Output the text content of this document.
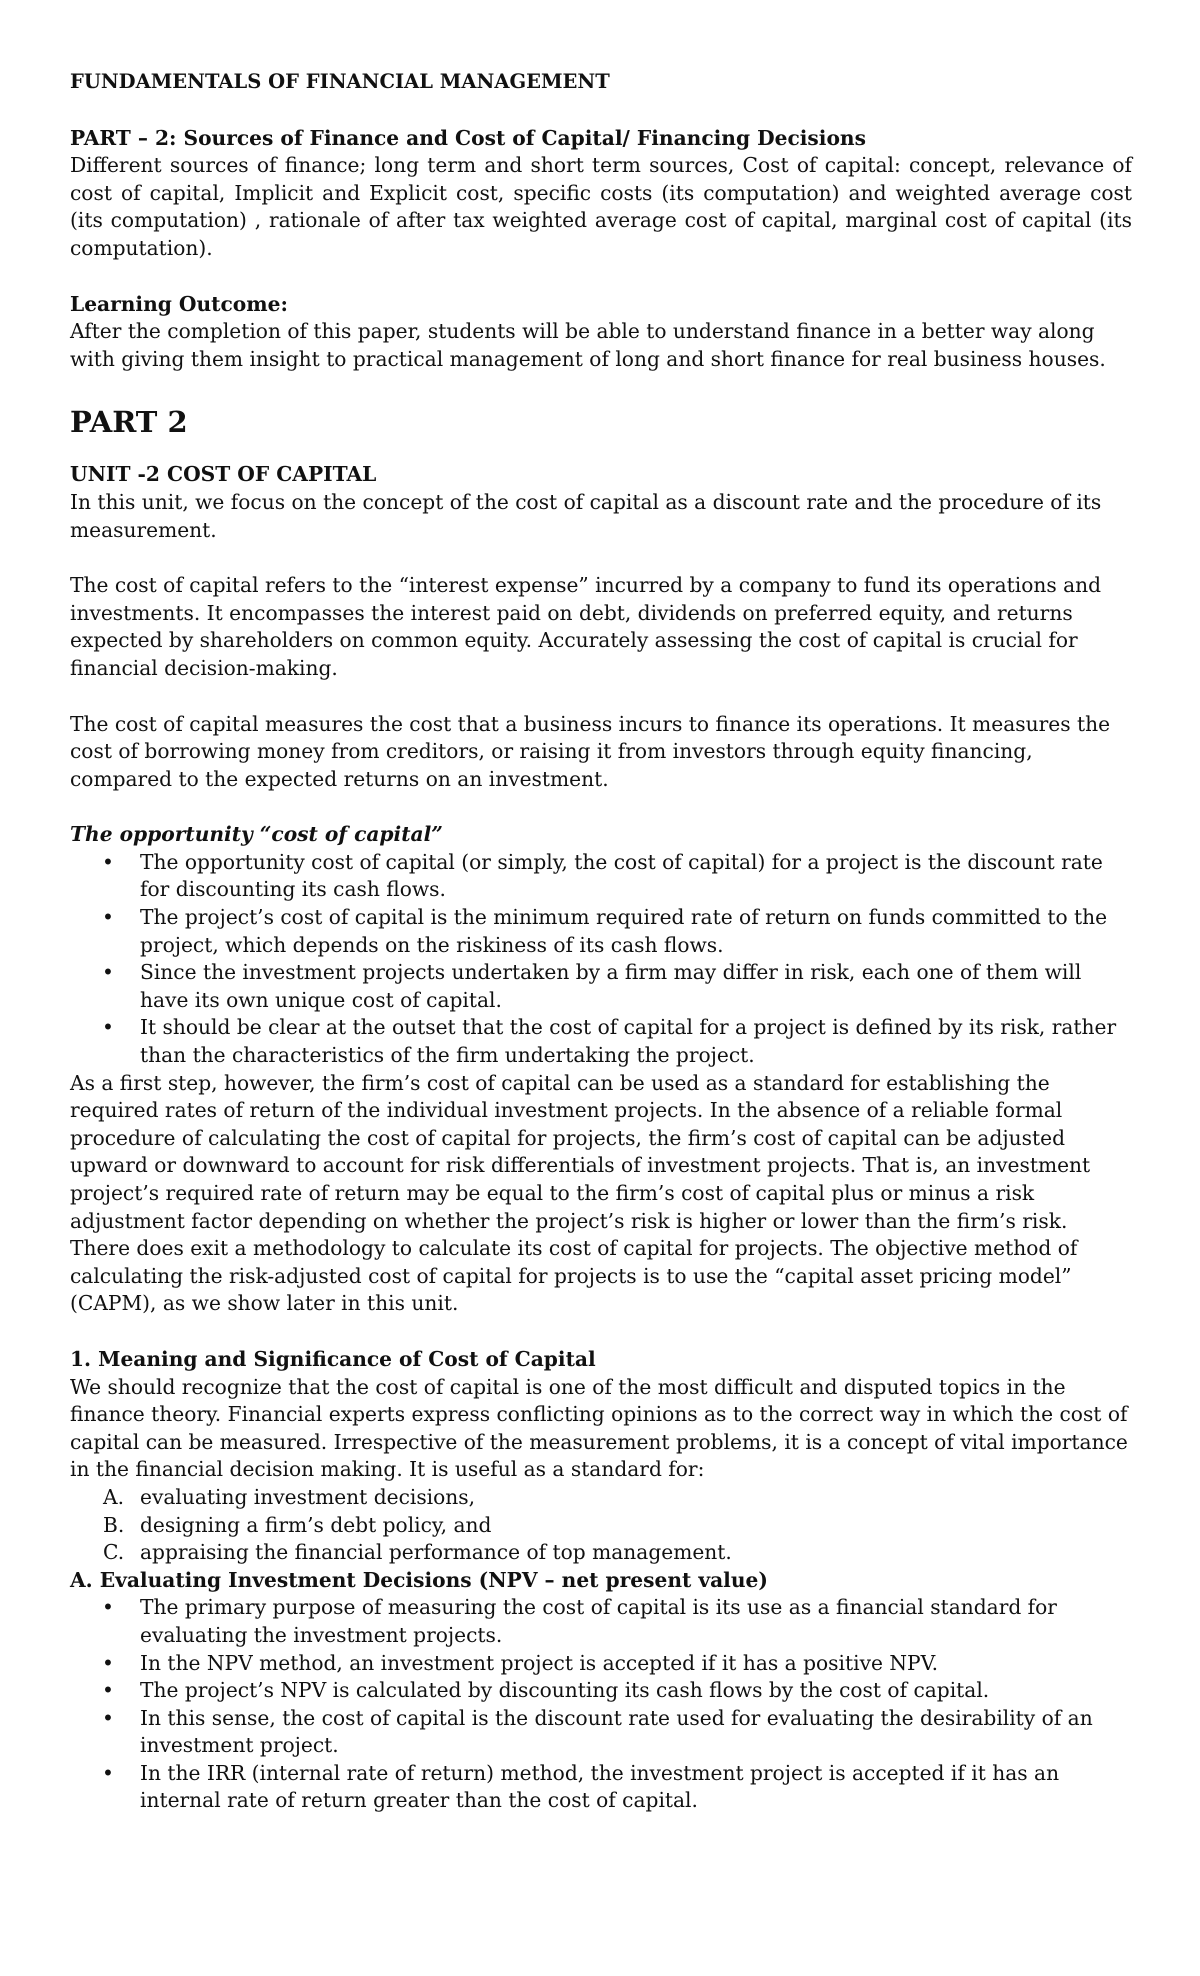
FUNDAMENTALS OF FINANCIAL MANAGEMENT
PART – 2: Sources of Finance and Cost of Capital/ Financing Decisions
Different sources of finance; long term and short term sources, Cost of capital: concept, relevance of cost of capital, Implicit and Explicit cost, specific costs (its computation) and weighted average cost (its computation) , rationale of after tax weighted average cost of capital, marginal cost of capital (its computation).
Learning Outcome:
After the completion of this paper, students will be able to understand finance in a better way along with giving them insight to practical management of long and short finance for real business houses.
PART 2
UNIT -2 COST OF CAPITAL
In this unit, we focus on the concept of the cost of capital as a discount rate and the procedure of its measurement.
The cost of capital refers to the “interest expense” incurred by a company to fund its operations and investments. It encompasses the interest paid on debt, dividends on preferred equity, and returns expected by shareholders on common equity. Accurately assessing the cost of capital is crucial for financial decision-making.
The cost of capital measures the cost that a business incurs to finance its operations. It measures the cost of borrowing money from creditors, or raising it from investors through equity financing, compared to the expected returns on an investment.
The opportunity “cost of capital”
• The opportunity cost of capital (or simply, the cost of capital) for a project is the discount rate for discounting its cash flows.
• The project’s cost of capital is the minimum required rate of return on funds committed to the project, which depends on the riskiness of its cash flows.
• Since the investment projects undertaken by a firm may differ in risk, each one of them will have its own unique cost of capital.
• It should be clear at the outset that the cost of capital for a project is defined by its risk, rather than the characteristics of the firm undertaking the project.
As a first step, however, the firm’s cost of capital can be used as a standard for establishing the required rates of return of the individual investment projects. In the absence of a reliable formal procedure of calculating the cost of capital for projects, the firm’s cost of capital can be adjusted upward or downward to account for risk differentials of investment projects. That is, an investment project’s required rate of return may be equal to the firm’s cost of capital plus or minus a risk adjustment factor depending on whether the project’s risk is higher or lower than the firm’s risk. There does exit a methodology to calculate its cost of capital for projects. The objective method of calculating the risk-adjusted cost of capital for projects is to use the “capital asset pricing model” (CAPM), as we show later in this unit.
1. Meaning and Significance of Cost of Capital
We should recognize that the cost of capital is one of the most difficult and disputed topics in the finance theory. Financial experts express conflicting opinions as to the correct way in which the cost of capital can be measured. Irrespective of the measurement problems, it is a concept of vital importance in the financial decision making. It is useful as a standard for:
A. evaluating investment decisions,
B. designing a firm’s debt policy, and
C. appraising the financial performance of top management.
A. Evaluating Investment Decisions (NPV – net present value)
• The primary purpose of measuring the cost of capital is its use as a financial standard for evaluating the investment projects.
• In the NPV method, an investment project is accepted if it has a positive NPV.
• The project’s NPV is calculated by discounting its cash flows by the cost of capital.
• In this sense, the cost of capital is the discount rate used for evaluating the desirability of an investment project.
• In the IRR (internal rate of return) method, the investment project is accepted if it has an internal rate of return greater than the cost of capital.
